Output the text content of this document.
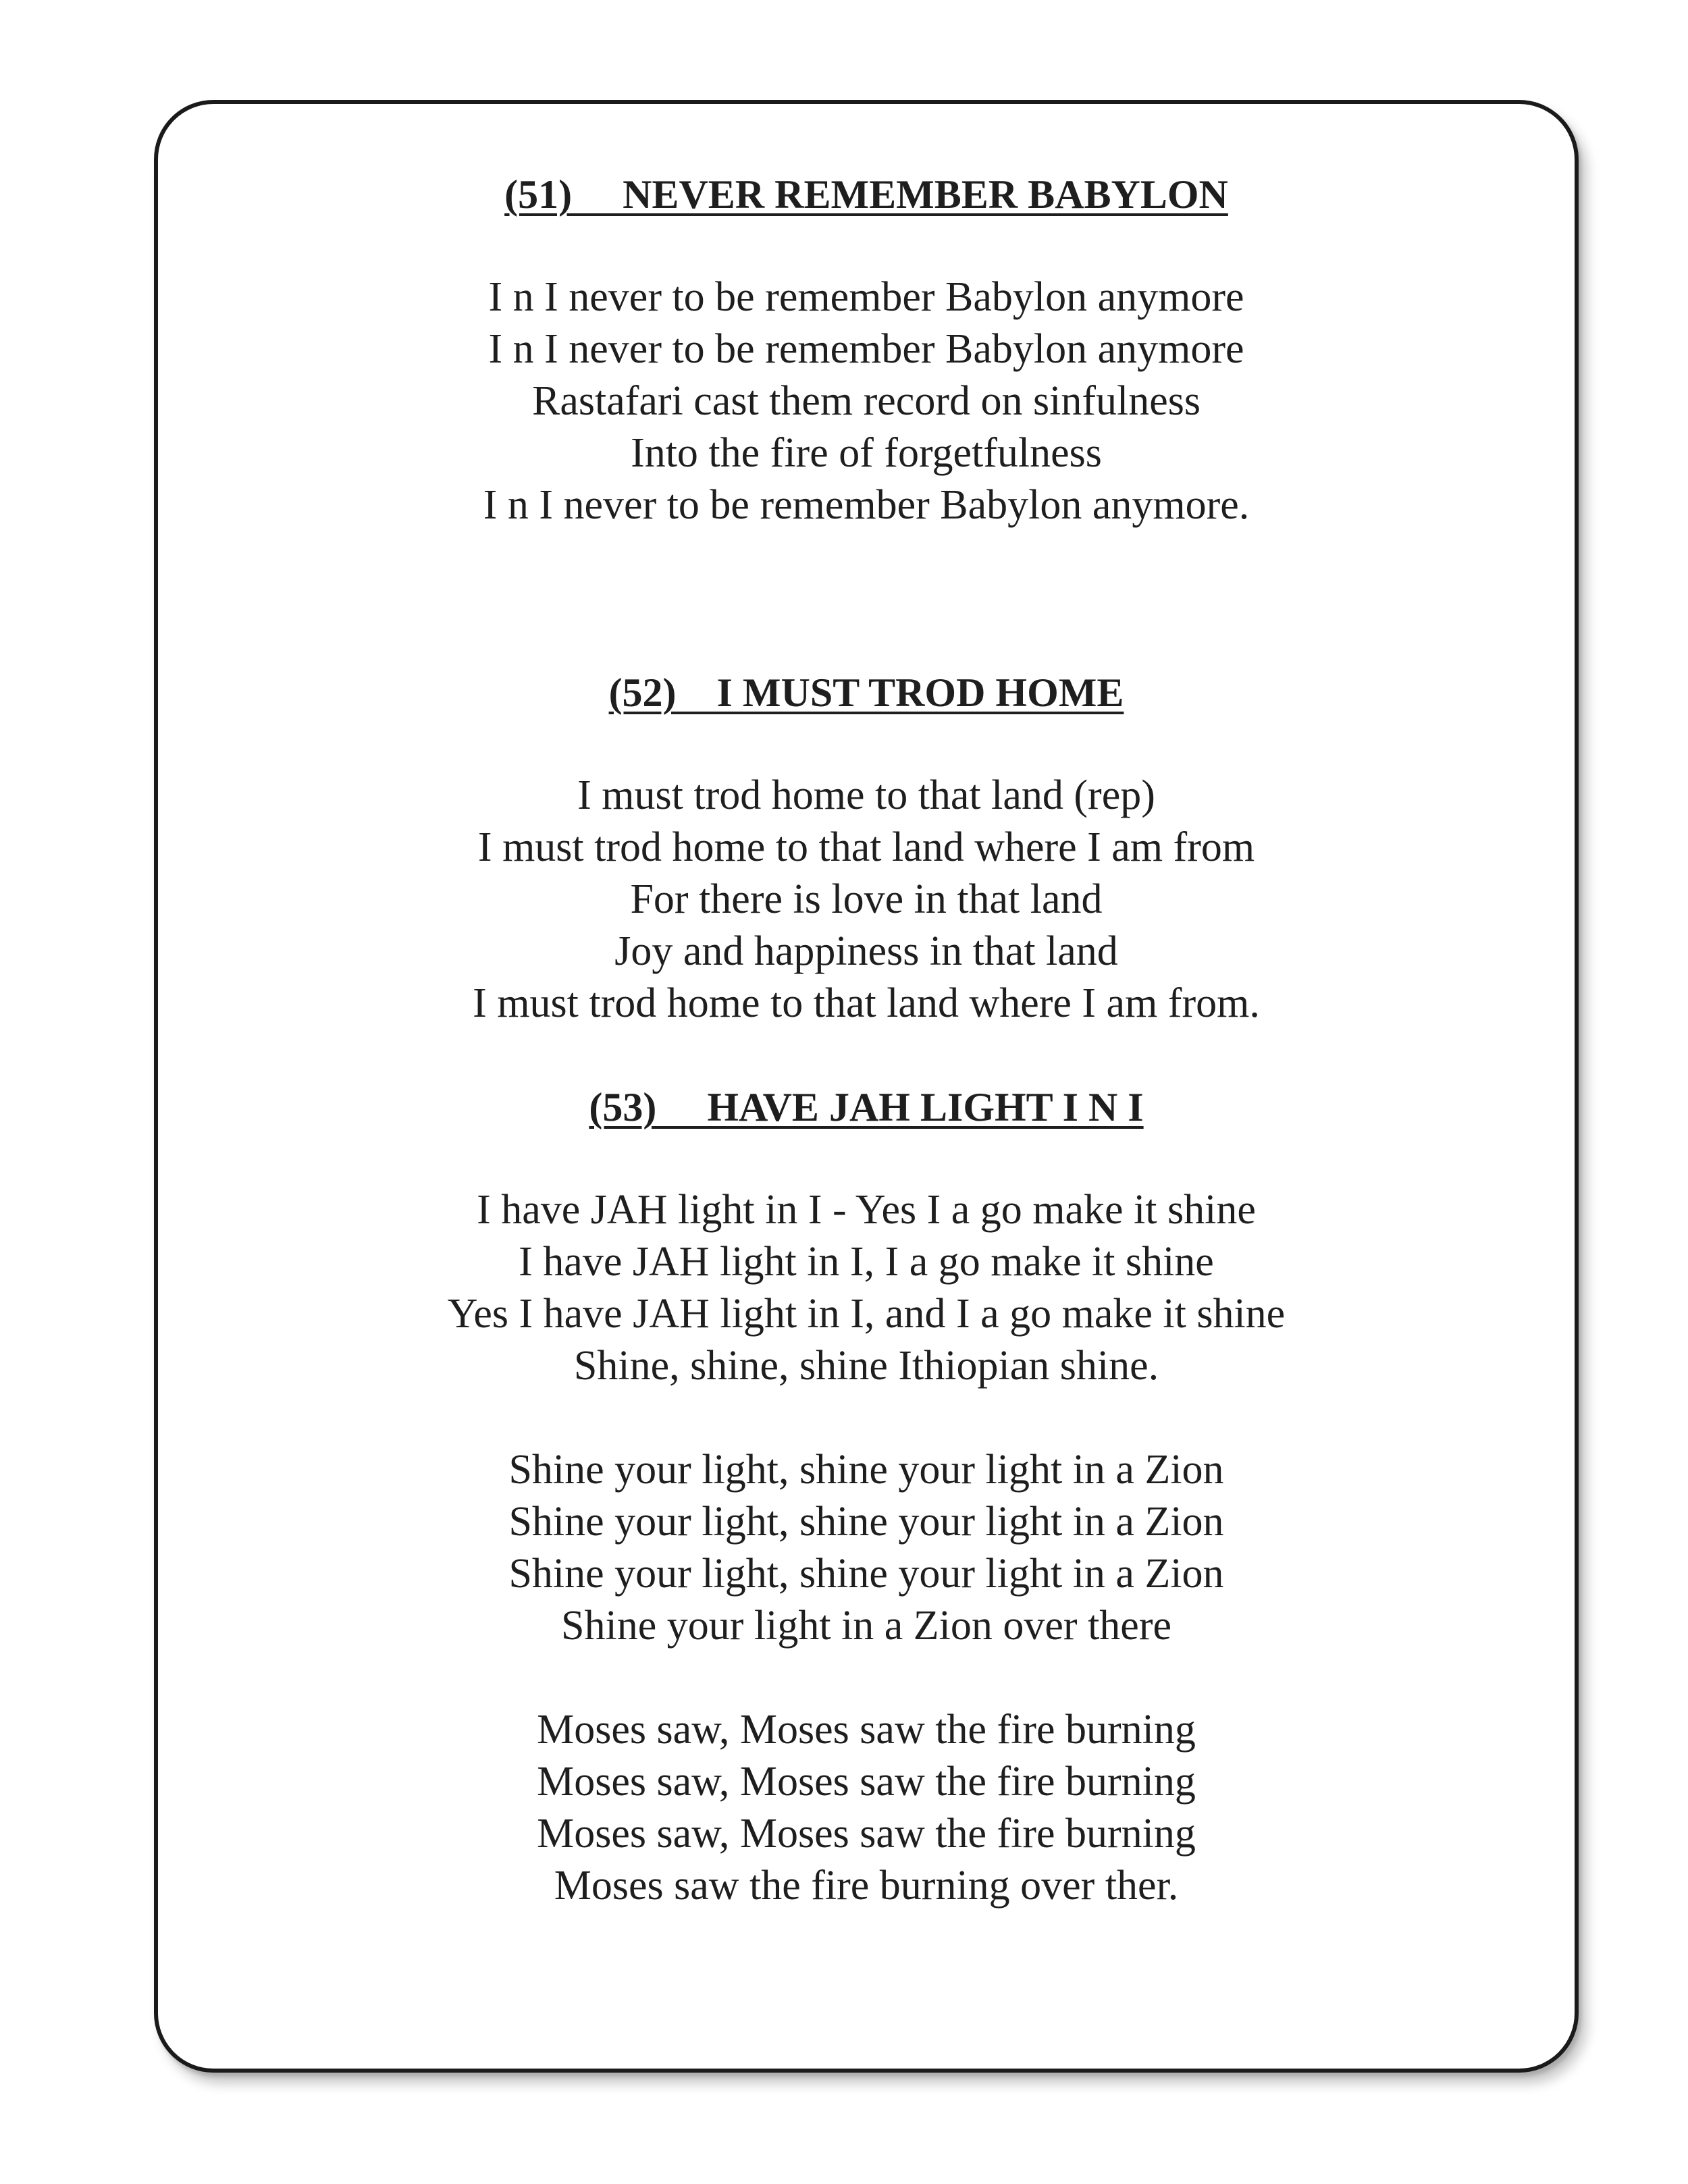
(51)     NEVER REMEMBER BABYLON
I n I never to be remember Babylon anymore
I n I never to be remember Babylon anymore
Rastafari cast them record on sinfulness
Into the fire of forgetfulness
I n I never to be remember Babylon anymore.
(52)    I MUST TROD HOME
I must trod home to that land (rep)
I must trod home to that land where I am from
For there is love in that land
Joy and happiness in that land
I must trod home to that land where I am from.
(53)     HAVE JAH LIGHT I N I
I have JAH light in I - Yes I a go make it shine
I have JAH light in I, I a go make it shine
Yes I have JAH light in I, and I a go make it shine
Shine, shine, shine Ithiopian shine.
Shine your light, shine your light in a Zion
Shine your light, shine your light in a Zion
Shine your light, shine your light in a Zion
Shine your light in a Zion over there
Moses saw, Moses saw the fire burning
Moses saw, Moses saw the fire burning
Moses saw, Moses saw the fire burning
Moses saw the fire burning over ther.
